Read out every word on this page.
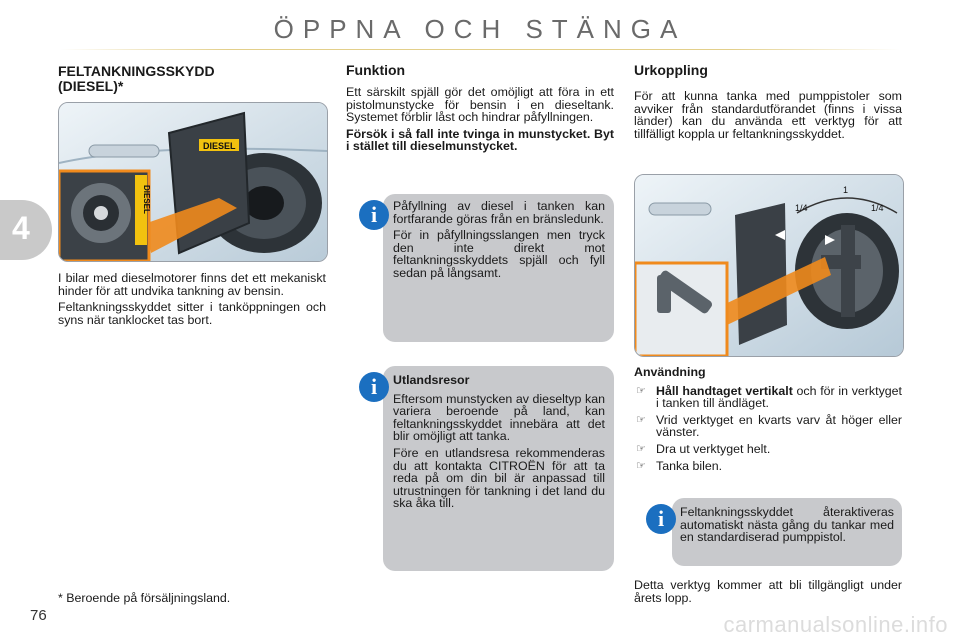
ÖPPNA OCH STÄNGA
4
FELTANKNINGSSKYDD
(DIESEL)*
DIESEL
DIESEL

I bilar med dieselmotorer finns det ett mekaniskt hinder för att undvika tankning av bensin.

Feltankningsskyddet sitter i tanköppningen och syns när tanklocket tas bort.

* Beroende på försäljningsland.
Funktion

Ett särskilt spjäll gör det omöjligt att föra in ett pistolmunstycke för bensin i en dieseltank. Systemet förblir låst och hindrar påfyllningen.

Försök i så fall inte tvinga in munstycket. Byt i stället till dieselmunstycket.

i	Påfyllning av diesel i tanken kan fortfarande göras från en bränsledunk.

För in påfyllningsslangen men tryck den inte direkt mot feltankningsskyddets spjäll och fyll sedan på långsamt.

i	Utlandsresor

Eftersom munstycken av dieseltyp kan variera beroende på land, kan feltankningsskyddet innebära att det blir omöjligt att tanka.

Före en utlandsresa rekommenderas du att kontakta CITROËN för att ta reda på om din bil är anpassad till utrustningen för tankning i det land du ska åka till.

Urkoppling

För att kunna tanka med pumppistoler som avviker från standardutförandet (finns i vissa länder) kan du använda ett verktyg för att tillfälligt koppla ur feltankningsskyddet.

1/4	1/4
1

Användning

☞ Håll handtaget vertikalt och för in verktyget i tanken till ändläget.
☞ Vrid verktyget en kvarts varv åt höger eller vänster.
☞ Dra ut verktyget helt.
☞ Tanka bilen.
i	Feltankningsskyddet återaktiveras automatiskt nästa gång du tankar med en standardiserad pumppistol.

Detta verktyg kommer att bli tillgängligt under årets lopp.

76	carmanualsonline.info
